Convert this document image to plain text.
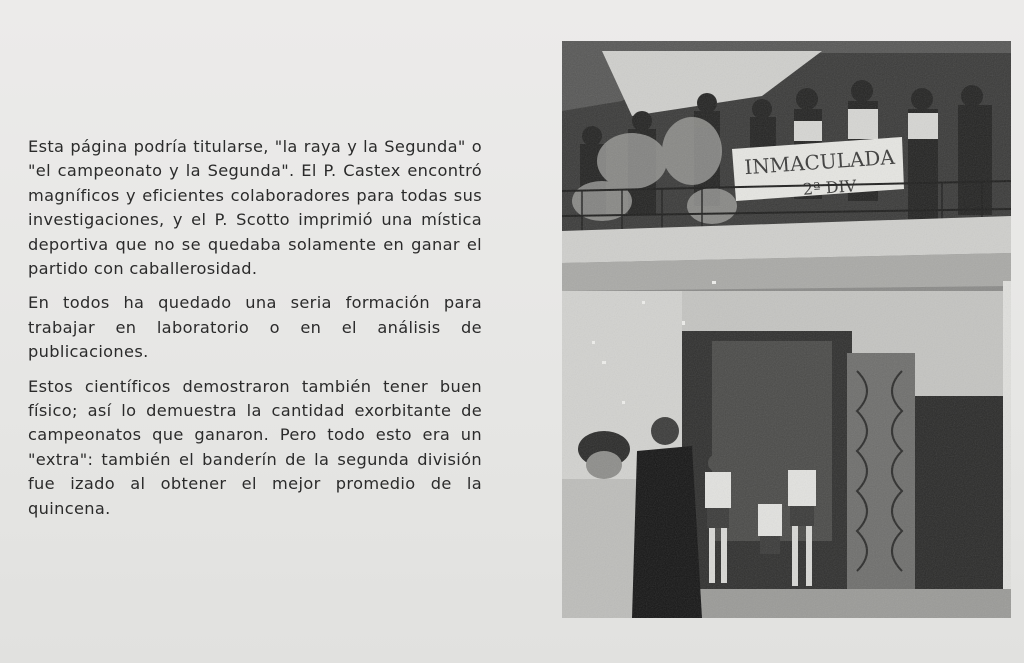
Esta página podría titularse, "la raya y la Segunda" o "el campeonato y la Segunda". El P. Castex encontró magníficos y eficientes colaboradores para todas sus investigaciones, y el P. Scotto imprimió una mística deportiva que no se quedaba solamente en ganar el partido con caballerosidad.

En todos ha quedado una seria formación para trabajar en laboratorio o en el análisis de publicaciones.

Estos científicos demostraron también tener buen físico; así lo demuestra la cantidad exorbitante de campeonatos que ganaron. Pero todo esto era un "extra": también el banderín de la segunda división fue izado al obtener el mejor promedio de la quincena.
